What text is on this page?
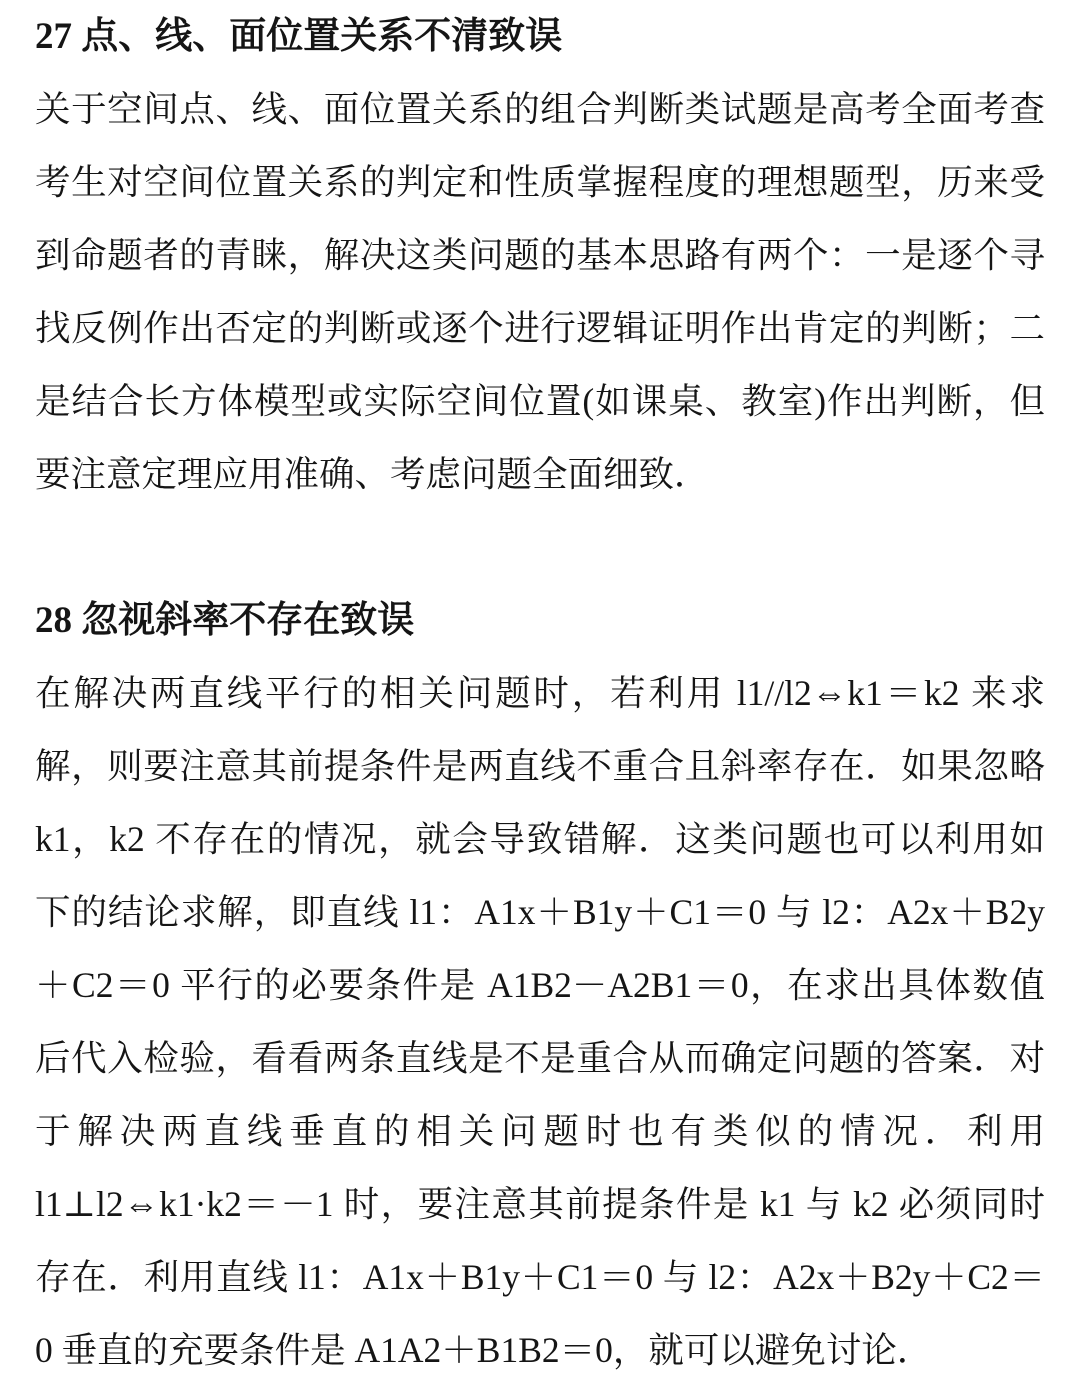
27 点、线、面位置关系不清致误
关于空间点、线、面位置关系的组合判断类试题是高考全面考查
考生对空间位置关系的判定和性质掌握程度的理想题型，历来受
到命题者的青睐，解决这类问题的基本思路有两个：一是逐个寻
找反例作出否定的判断或逐个进行逻辑证明作出肯定的判断；二
是结合长方体模型或实际空间位置(如课桌、教室)作出判断，但
要注意定理应用准确、考虑问题全面细致．
28 忽视斜率不存在致误
在解决两直线平行的相关问题时，若利用 l1//l2⇔k1＝k2 来求
解，则要注意其前提条件是两直线不重合且斜率存在．如果忽略
k1，k2 不存在的情况，就会导致错解．这类问题也可以利用如
下的结论求解，即直线 l1：A1x＋B1y＋C1＝0 与 l2：A2x＋B2y
＋C2＝0 平行的必要条件是 A1B2－A2B1＝0，在求出具体数值
后代入检验，看看两条直线是不是重合从而确定问题的答案．对
于解决两直线垂直的相关问题时也有类似的情况．利用
l1⊥l2⇔k1·k2＝－1 时，要注意其前提条件是 k1 与 k2 必须同时
存在．利用直线 l1：A1x＋B1y＋C1＝0 与 l2：A2x＋B2y＋C2＝
0 垂直的充要条件是 A1A2＋B1B2＝0，就可以避免讨论．
